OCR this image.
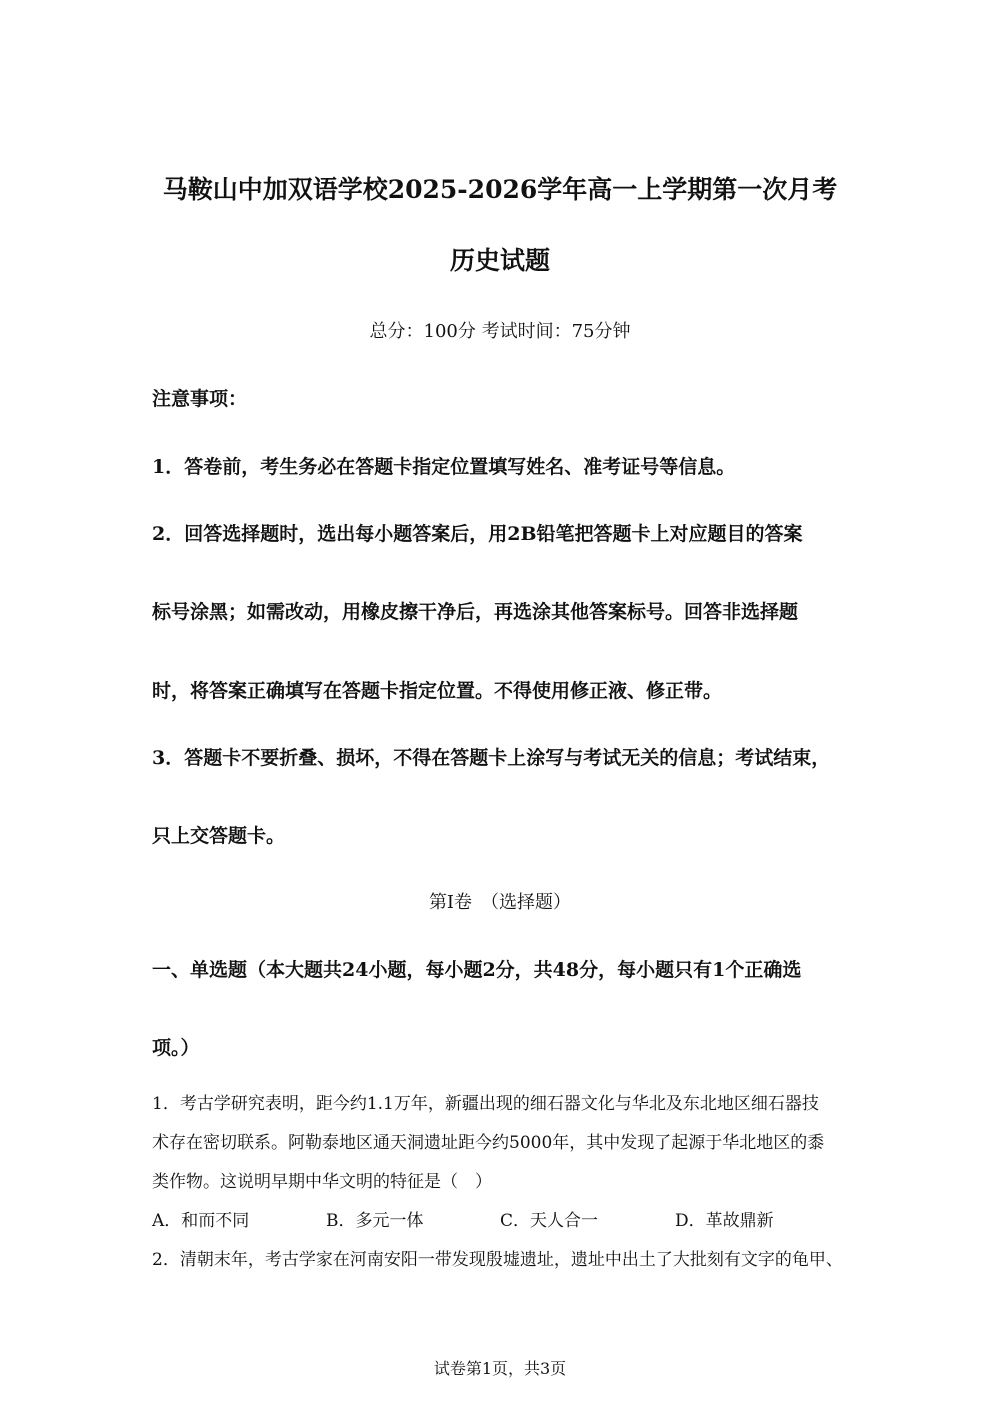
马鞍山中加双语学校2025-2026学年高一上学期第一次月考
历史试题
总分：100分 考试时间：75分钟
注意事项：
1．答卷前，考生务必在答题卡指定位置填写姓名、准考证号等信息。
2．回答选择题时，选出每小题答案后，用2B铅笔把答题卡上对应题目的答案
标号涂黑；如需改动，用橡皮擦干净后，再选涂其他答案标号。回答非选择题
时，将答案正确填写在答题卡指定位置。不得使用修正液、修正带。
3．答题卡不要折叠、损坏，不得在答题卡上涂写与考试无关的信息；考试结束，
只上交答题卡。
第Ⅰ卷　（选择题）
一、单选题（本大题共24小题，每小题2分，共48分，每小题只有1个正确选
项。）
1．考古学研究表明，距今约1.1万年，新疆出现的细石器文化与华北及东北地区细石器技
术存在密切联系。阿勒泰地区通天洞遗址距今约5000年，其中发现了起源于华北地区的黍
类作物。这说明早期中华文明的特征是（　）
A．和而不同	B．多元一体	C．天人合一	D．革故鼎新
2．清朝末年，考古学家在河南安阳一带发现殷墟遗址，遗址中出土了大批刻有文字的龟甲、
试卷第1页，共3页
